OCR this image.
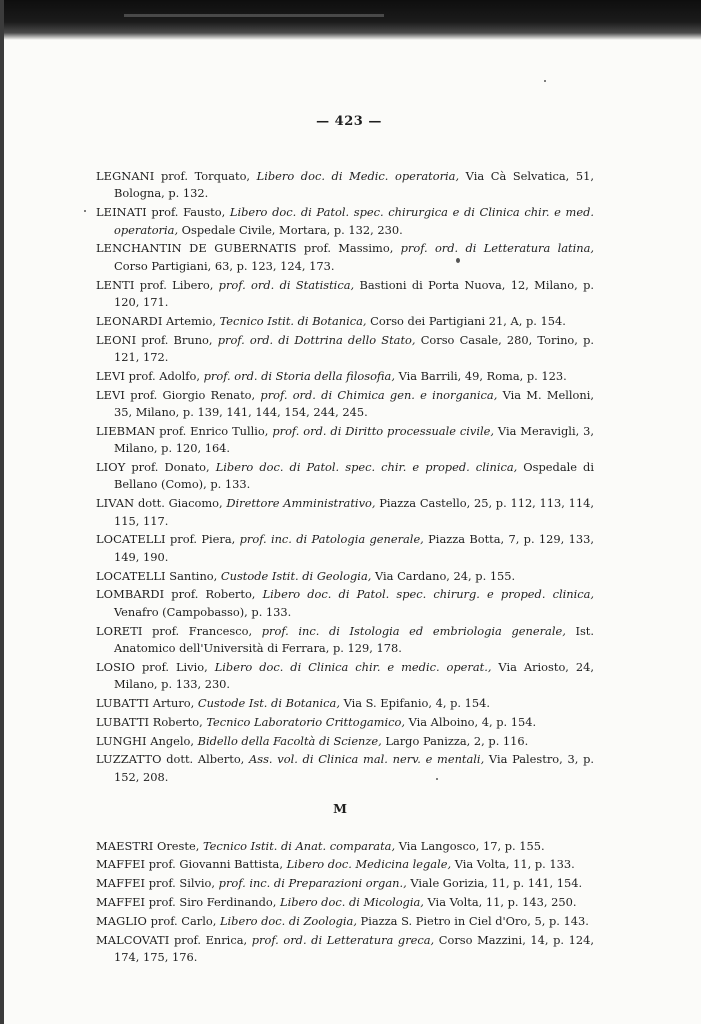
— 423 —
LEGNANI prof. Torquato, Libero doc. di Medic. operatoria, Via Cà Selvatica, 51, Bologna, p. 132.
LEINATI prof. Fausto, Libero doc. di Patol. spec. chirurgica e di Clinica chir. e med. operatoria, Ospedale Civile, Mortara, p. 132, 230.
LENCHANTIN DE GUBERNATIS prof. Massimo, prof. ord. di Letteratura latina, Corso Partigiani, 63, p. 123, 124, 173.
LENTI prof. Libero, prof. ord. di Statistica, Bastioni di Porta Nuova, 12, Milano, p. 120, 171.
LEONARDI Artemio, Tecnico Istit. di Botanica, Corso dei Partigiani 21, A, p. 154.
LEONI prof. Bruno, prof. ord. di Dottrina dello Stato, Corso Casale, 280, Torino, p. 121, 172.
LEVI prof. Adolfo, prof. ord. di Storia della filosofia, Via Barrili, 49, Roma, p. 123.
LEVI prof. Giorgio Renato, prof. ord. di Chimica gen. e inorganica, Via M. Melloni, 35, Milano, p. 139, 141, 144, 154, 244, 245.
LIEBMAN prof. Enrico Tullio, prof. ord. di Diritto processuale civile, Via Meravigli, 3, Milano, p. 120, 164.
LIOY prof. Donato, Libero doc. di Patol. spec. chir. e proped. clinica, Ospedale di Bellano (Como), p. 133.
LIVAN dott. Giacomo, Direttore Amministrativo, Piazza Castello, 25, p. 112, 113, 114, 115, 117.
LOCATELLI prof. Piera, prof. inc. di Patologia generale, Piazza Botta, 7, p. 129, 133, 149, 190.
LOCATELLI Santino, Custode Istit. di Geologia, Via Cardano, 24, p. 155.
LOMBARDI prof. Roberto, Libero doc. di Patol. spec. chirurg. e proped. clinica, Venafro (Campobasso), p. 133.
LORETI prof. Francesco, prof. inc. di Istologia ed embriologia generale, Ist. Anatomico dell'Università di Ferrara, p. 129, 178.
LOSIO prof. Livio, Libero doc. di Clinica chir. e medic. operat., Via Ariosto, 24, Milano, p. 133, 230.
LUBATTI Arturo, Custode Ist. di Botanica, Via S. Epifanio, 4, p. 154.
LUBATTI Roberto, Tecnico Laboratorio Crittogamico, Via Alboino, 4, p. 154.
LUNGHI Angelo, Bidello della Facoltà di Scienze, Largo Panizza, 2, p. 116.
LUZZATTO dott. Alberto, Ass. vol. di Clinica mal. nerv. e mentali, Via Palestro, 3, p. 152, 208.
M
MAESTRI Oreste, Tecnico Istit. di Anat. comparata, Via Langosco, 17, p. 155.
MAFFEI prof. Giovanni Battista, Libero doc. Medicina legale, Via Volta, 11, p. 133.
MAFFEI prof. Silvio, prof. inc. di Preparazioni organ., Viale Gorizia, 11, p. 141, 154.
MAFFEI prof. Siro Ferdinando, Libero doc. di Micologia, Via Volta, 11, p. 143, 250.
MAGLIO prof. Carlo, Libero doc. di Zoologia, Piazza S. Pietro in Ciel d'Oro, 5, p. 143.
MALCOVATI prof. Enrica, prof. ord. di Letteratura greca, Corso Mazzini, 14, p. 124, 174, 175, 176.
